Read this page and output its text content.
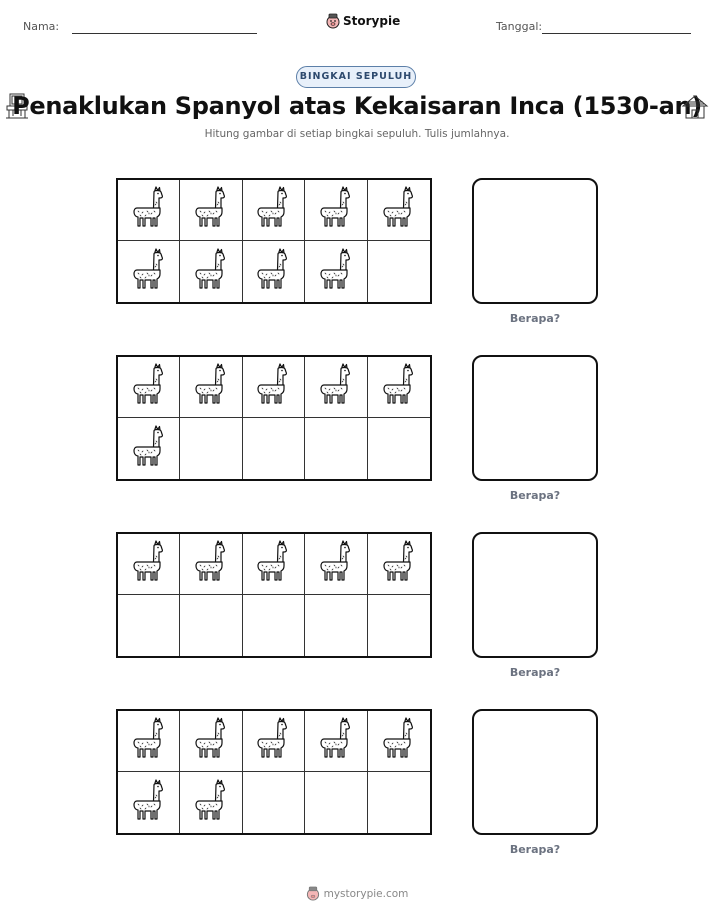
Nama:	Storypie	Tanggal:
BINGKAI SEPULUH
Penaklukan Spanyol atas Kekaisaran Inca (1530-an)
Hitung gambar di setiap bingkai sepuluh. Tulis jumlahnya.
Berapa?
Berapa?
Berapa?
Berapa?
mystorypie.com
